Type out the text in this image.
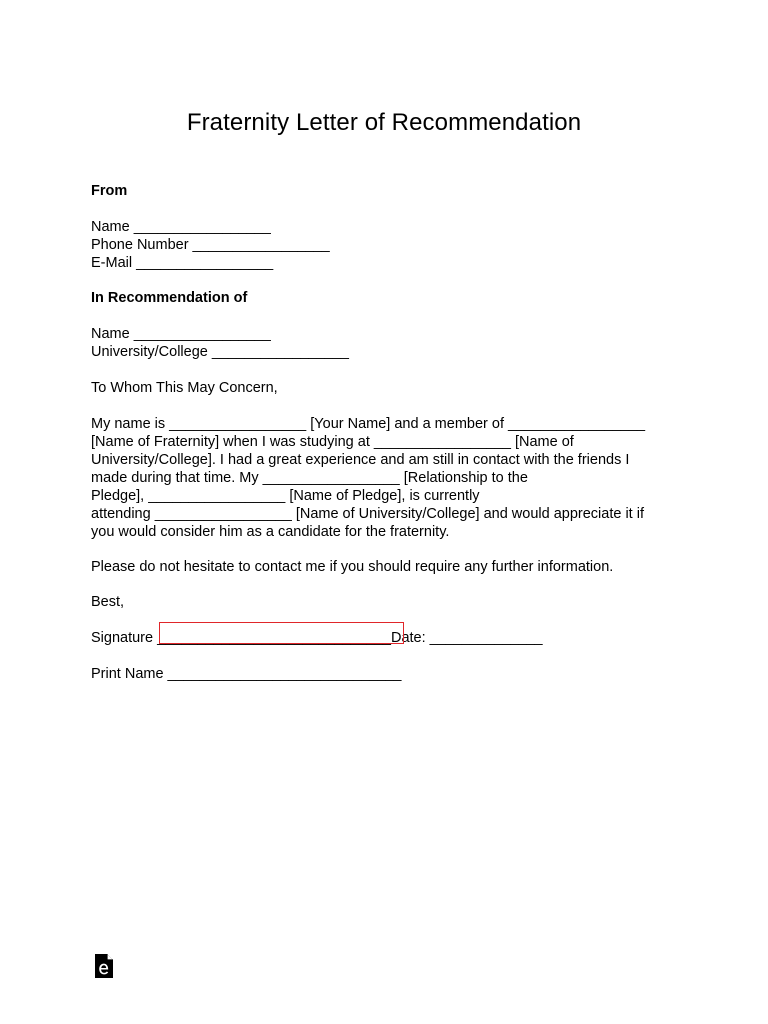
Fraternity Letter of Recommendation
From
Name _________________
Phone Number _________________
E-Mail _________________
In Recommendation of
Name _________________
University/College _________________
To Whom This May Concern,
My name is _________________ [Your Name] and a member of _________________
[Name of Fraternity] when I was studying at _________________ [Name of
University/College]. I had a great experience and am still in contact with the friends I
made during that time. My _________________ [Relationship to the
Pledge], _________________ [Name of Pledge], is currently
attending _________________ [Name of University/College] and would appreciate it if
you would consider him as a candidate for the fraternity.
Please do not hesitate to contact me if you should require any further information.
Best,
Signature _____________________________Date: ______________
Print Name _____________________________
